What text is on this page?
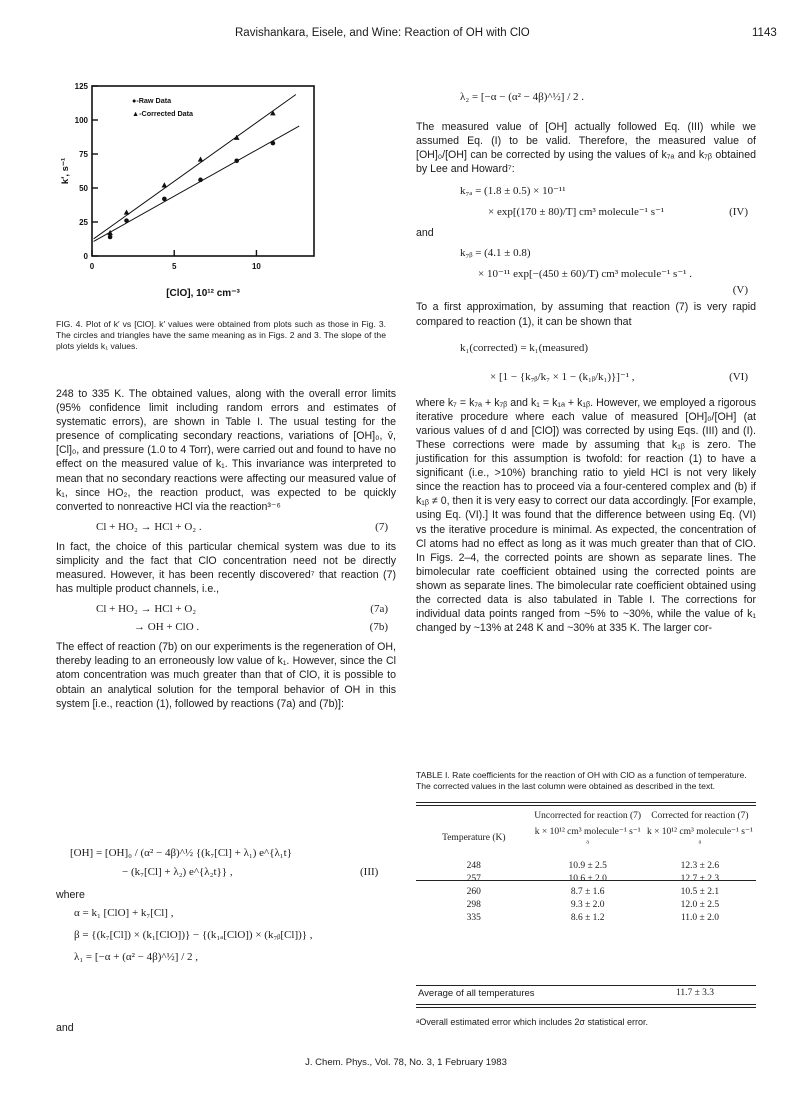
Ravishankara, Eisele, and Wine: Reaction of OH with ClO	1143
0
25
50
75
100
125
0	5	10
k′, s⁻¹
[ClO], 10¹² cm⁻³
●-Raw Data
▲-Corrected Data
FIG. 4. Plot of k′ vs [ClO]. k′ values were obtained from plots such as those in Fig. 3. The circles and triangles have the same meaning as in Figs. 2 and 3. The slope of the plots yields k₁ values.

248 to 335 K. The obtained values, along with the overall error limits (95% confidence limit including random errors and estimates of systematic errors), are shown in Table I. The usual testing for the presence of complicating secondary reactions, variations of [OH]₀, v̄, [Cl]₀, and pressure (1.0 to 4 Torr), were carried out and found to have no effect on the measured value of k₁. This invariance was interpreted to mean that no secondary reactions were affecting our measured value of k₁, since HO₂, the reaction product, was expected to be quickly converted to nonreactive HCl via the reaction³⁻⁶

Cl + HO₂ → HCl + O₂ .	(7)

In fact, the choice of this particular chemical system was due to its simplicity and the fact that ClO concentration need not be directly measured. However, it has been recently discovered⁷ that reaction (7) has multiple product channels, i.e.,

Cl + HO₂ → HCl + O₂	(7a)
→ OH + ClO .	(7b)

The effect of reaction (7b) on our experiments is the regeneration of OH, thereby leading to an erroneously low value of k₁. However, since the Cl atom concentration was much greater than that of ClO, it is possible to obtain an analytical solution for the temporal behavior of OH in this system [i.e., reaction (1), followed by reactions (7a) and (7b)]:

[OH] = [OH]₀ / (α² − 4β)^½ {(k₇[Cl] + λ₁) e^{λ₁t}
− (k₇[Cl] + λ₂) e^{λ₂t}} ,	(III)
where
α = k₁ [ClO] + k₇[Cl] ,
β = {(k₇[Cl]) × (k₁[ClO])} − {(k₁ₐ[ClO]) × (k₇ᵦ[Cl])} ,
λ₁ = [−α + (α² − 4β)^½] / 2 ,
and
λ₂ = [−α − (α² − 4β)^½] / 2 .

The measured value of [OH] actually followed Eq. (III) while we assumed Eq. (I) to be valid. Therefore, the measured value of [OH]₀/[OH] can be corrected by using the values of k₇ₐ and k₇ᵦ obtained by Lee and Howard⁷:

k₇ₐ = (1.8 ± 0.5) × 10⁻¹¹
× exp[(170 ± 80)/T] cm³ molecule⁻¹ s⁻¹	(IV)

and

k₇ᵦ = (4.1 ± 0.8)
× 10⁻¹¹ exp[−(450 ± 60)/T) cm³ molecule⁻¹ s⁻¹ .
(V)

To a first approximation, by assuming that reaction (7) is very rapid compared to reaction (1), it can be shown that

k₁(corrected) = k₁(measured)
× [1 − {k₇ᵦ/k₇ × 1 − (k₁ᵦ/k₁)}]⁻¹ ,	(VI)

where k₇ = k₇ₐ + k₇ᵦ and k₁ = k₁ₐ + k₁ᵦ. However, we employed a rigorous iterative procedure where each value of measured [OH]₀/[OH] (at various values of d and [ClO]) was corrected by using Eqs. (III) and (I). These corrections were made by assuming that k₁ᵦ is zero. The justification for this assumption is twofold: for reaction (1) to have a significant (i.e., >10%) branching ratio to yield HCl is not very likely since the reaction has to proceed via a four-centered complex and (b) if k₁ᵦ ≠ 0, then it is very easy to correct our data accordingly. [For example, using Eq. (VI).] It was found that the difference between using Eq. (VI) vs the iterative procedure is minimal. As expected, the concentration of Cl atoms had no effect as long as it was much greater than that of ClO. In Figs. 2–4, the corrected points are shown as separate lines. The bimolecular rate coefficient obtained using the corrected points are shown as separate lines. The bimolecular rate coefficient obtained using the corrected data is also tabulated in Table I. The corrections for individual data points ranged from ~5% to ~30%, while the value of k₁ changed by ~13% at 248 K and ~30% at 335 K. The larger cor-

TABLE I. Rate coefficients for the reaction of OH with ClO as a function of temperature. The corrected values in the last column were obtained as described in the text.
	Uncorrected for reaction (7)	Corrected for reaction (7)
Temperature (K)	k × 10¹² cm³ molecule⁻¹ s⁻¹ ᵃ	k × 10¹² cm³ molecule⁻¹ s⁻¹ ᵃ
248	10.9 ± 2.5	12.3 ± 2.6
257	10.6 ± 2.0	12.7 ± 2.3
260	8.7 ± 1.6	10.5 ± 2.1
298	9.3 ± 2.0	12.0 ± 2.5
335	8.6 ± 1.2	11.0 ± 2.0
Average of all temperatures	11.7 ± 3.3
ᵃOverall estimated error which includes 2σ statistical error.
J. Chem. Phys., Vol. 78, No. 3, 1 February 1983
